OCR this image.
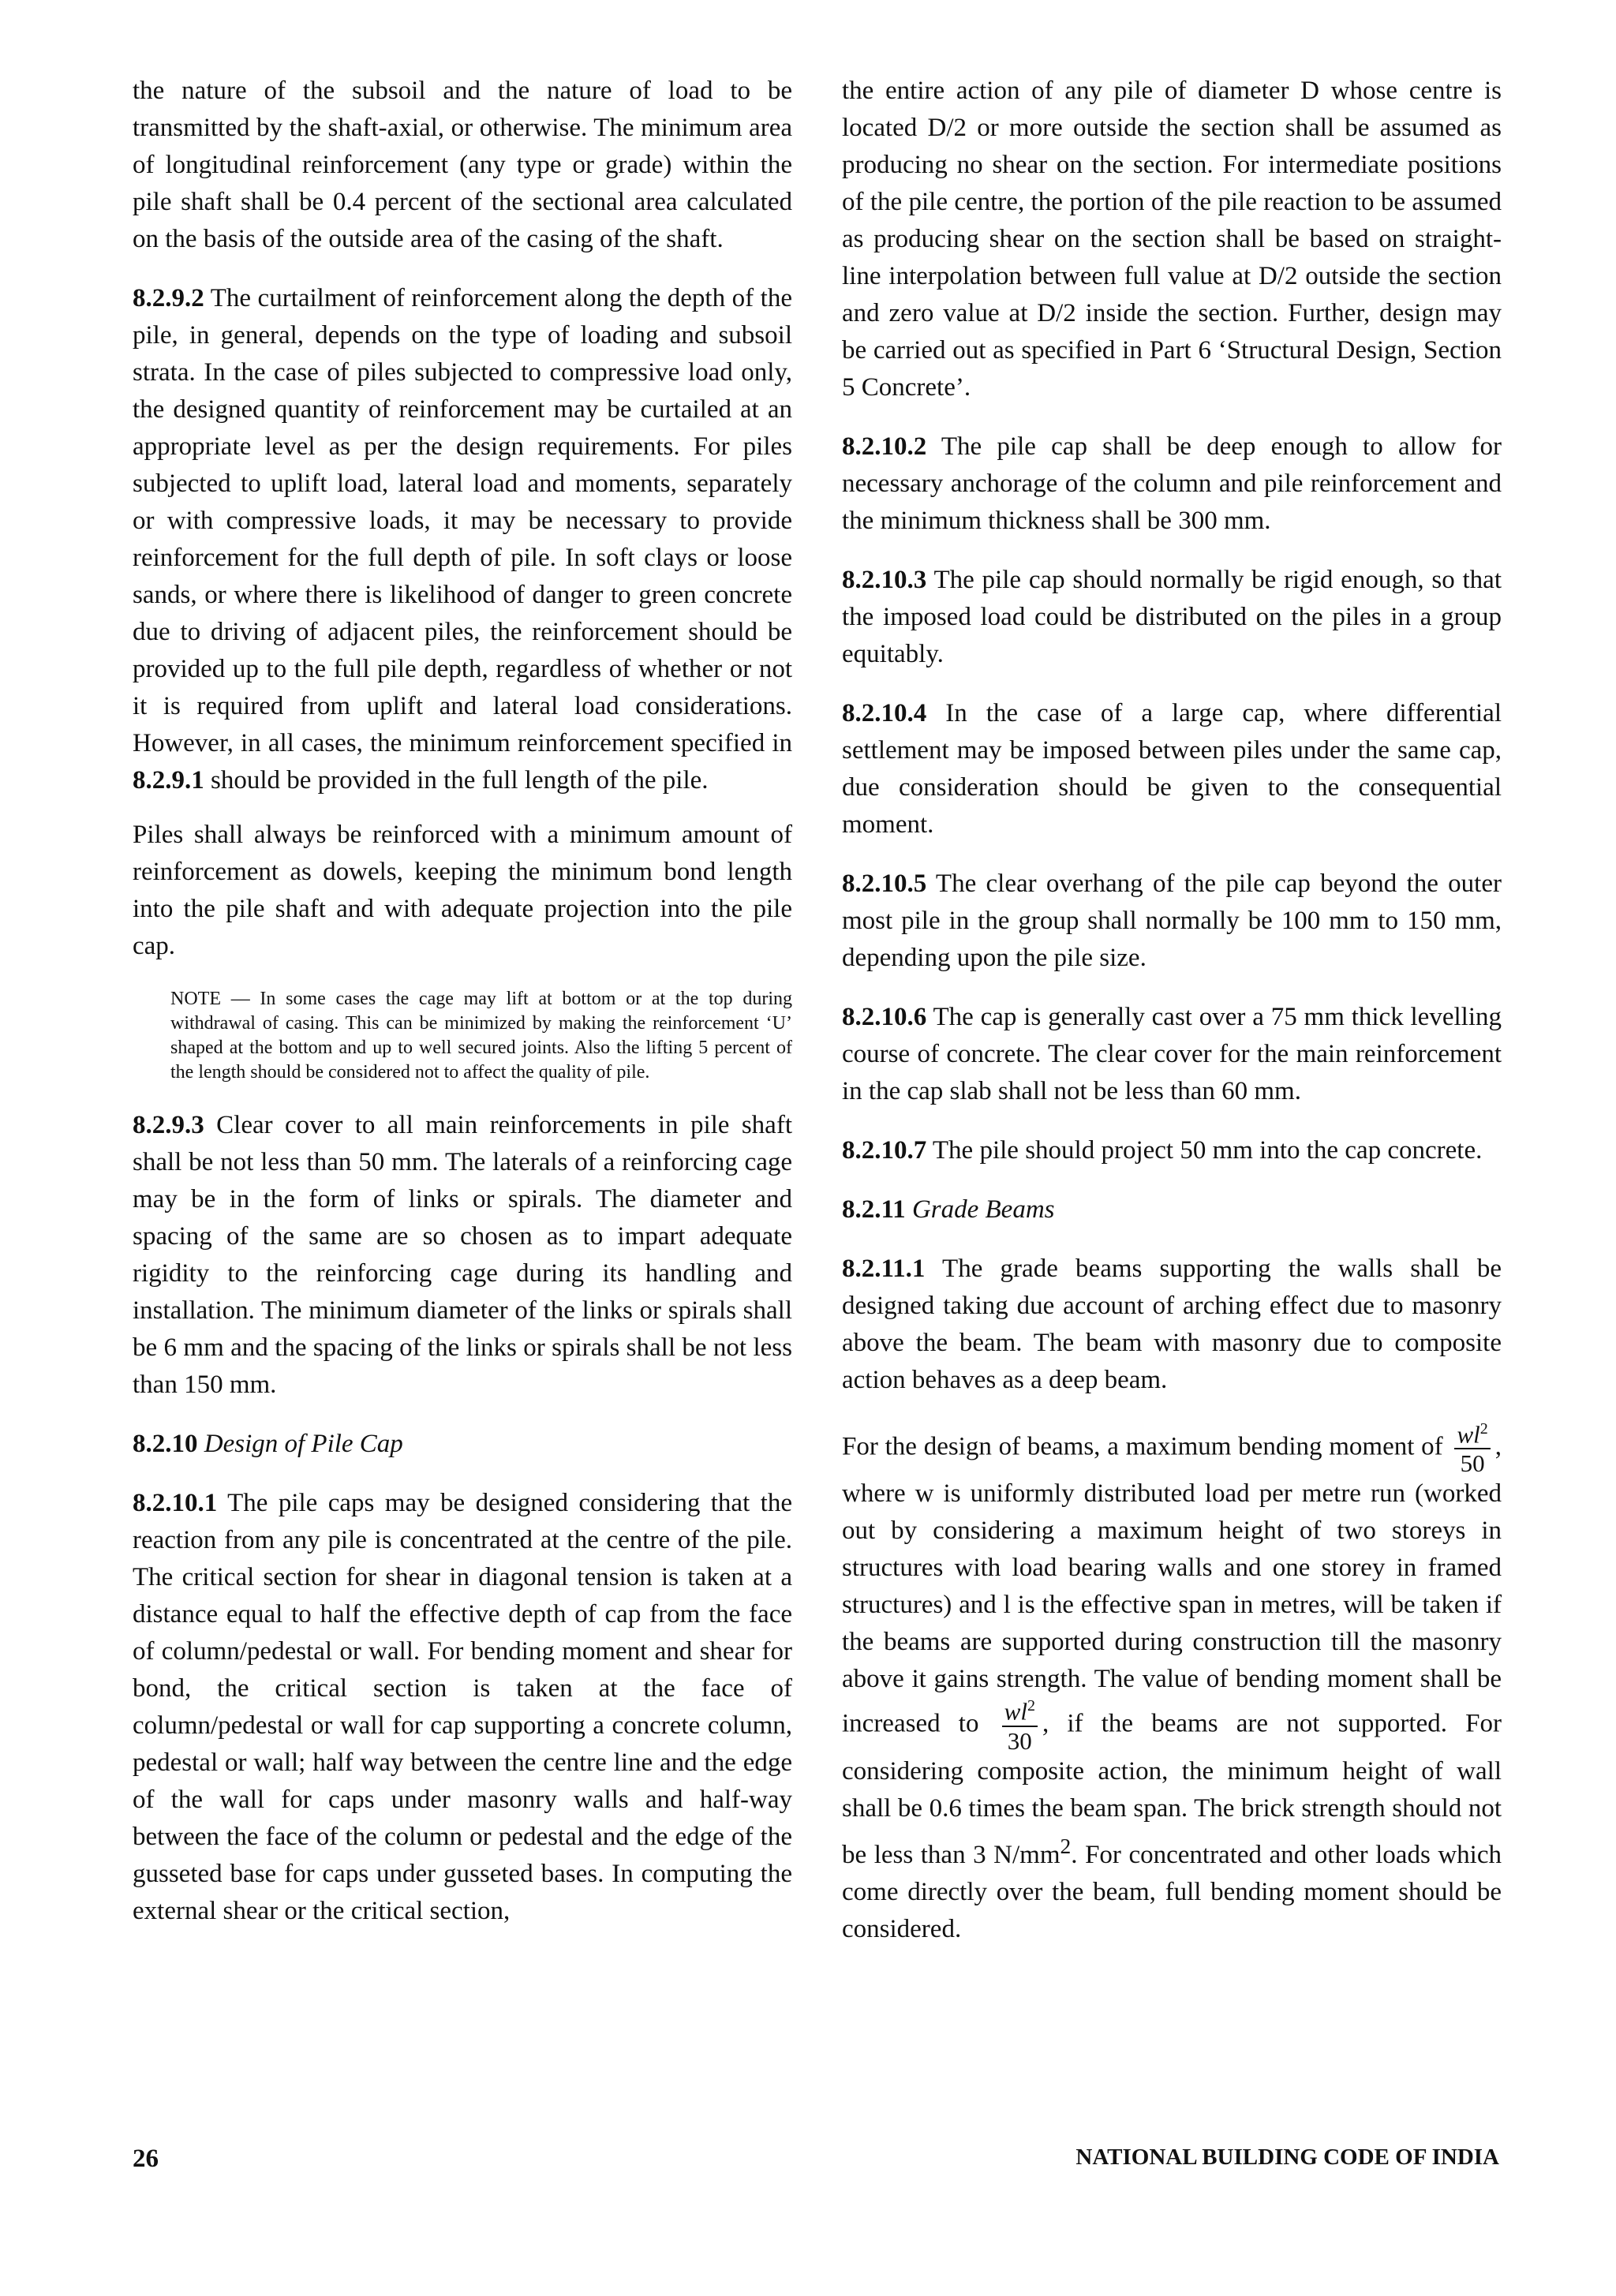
the nature of the subsoil and the nature of load to be transmitted by the shaft-axial, or otherwise. The minimum area of longitudinal reinforcement (any type or grade) within the pile shaft shall be 0.4 percent of the sectional area calculated on the basis of the outside area of the casing of the shaft.

8.2.9.2 The curtailment of reinforcement along the depth of the pile, in general, depends on the type of loading and subsoil strata. In the case of piles subjected to compressive load only, the designed quantity of reinforcement may be curtailed at an appropriate level as per the design requirements. For piles subjected to uplift load, lateral load and moments, separately or with compressive loads, it may be necessary to provide reinforcement for the full depth of pile. In soft clays or loose sands, or where there is likelihood of danger to green concrete due to driving of adjacent piles, the reinforcement should be provided up to the full pile depth, regardless of whether or not it is required from uplift and lateral load considerations. However, in all cases, the minimum reinforcement specified in 8.2.9.1 should be provided in the full length of the pile.

Piles shall always be reinforced with a minimum amount of reinforcement as dowels, keeping the minimum bond length into the pile shaft and with adequate projection into the pile cap.

NOTE — In some cases the cage may lift at bottom or at the top during withdrawal of casing. This can be minimized by making the reinforcement ‘U’ shaped at the bottom and up to well secured joints. Also the lifting 5 percent of the length should be considered not to affect the quality of pile.

8.2.9.3 Clear cover to all main reinforcements in pile shaft shall be not less than 50 mm. The laterals of a reinforcing cage may be in the form of links or spirals. The diameter and spacing of the same are so chosen as to impart adequate rigidity to the reinforcing cage during its handling and installation. The minimum diameter of the links or spirals shall be 6 mm and the spacing of the links or spirals shall be not less than 150 mm.

8.2.10 Design of Pile Cap

8.2.10.1 The pile caps may be designed considering that the reaction from any pile is concentrated at the centre of the pile. The critical section for shear in diagonal tension is taken at a distance equal to half the effective depth of cap from the face of column/pedestal or wall. For bending moment and shear for bond, the critical section is taken at the face of column/pedestal or wall for cap supporting a concrete column, pedestal or wall; half way between the centre line and the edge of the wall for caps under masonry walls and half-way between the face of the column or pedestal and the edge of the gusseted base for caps under gusseted bases. In computing the external shear or the critical section,

the entire action of any pile of diameter D whose centre is located D/2 or more outside the section shall be assumed as producing no shear on the section. For intermediate positions of the pile centre, the portion of the pile reaction to be assumed as producing shear on the section shall be based on straight-line interpolation between full value at D/2 outside the section and zero value at D/2 inside the section. Further, design may be carried out as specified in Part 6 ‘Structural Design, Section 5 Concrete’.

8.2.10.2 The pile cap shall be deep enough to allow for necessary anchorage of the column and pile reinforcement and the minimum thickness shall be 300 mm.

8.2.10.3 The pile cap should normally be rigid enough, so that the imposed load could be distributed on the piles in a group equitably.

8.2.10.4 In the case of a large cap, where differential settlement may be imposed between piles under the same cap, due consideration should be given to the consequential moment.

8.2.10.5 The clear overhang of the pile cap beyond the outer most pile in the group shall normally be 100 mm to 150 mm, depending upon the pile size.

8.2.10.6 The cap is generally cast over a 75 mm thick levelling course of concrete. The clear cover for the main reinforcement in the cap slab shall not be less than 60 mm.

8.2.10.7 The pile should project 50 mm into the cap concrete.

8.2.11 Grade Beams

8.2.11.1 The grade beams supporting the walls shall be designed taking due account of arching effect due to masonry above the beam. The beam with masonry due to composite action behaves as a deep beam.

For the design of beams, a maximum bending moment of $\frac{wl^2}{50}$ , where w is uniformly distributed load per metre run (worked out by considering a maximum height of two storeys in structures with load bearing walls and one storey in framed structures) and l is the effective span in metres, will be taken if the beams are supported during construction till the masonry above it gains strength. The value of bending moment shall be increased to $\frac{wl^2}{30}$ , if the beams are not supported. For considering composite action, the minimum height of wall shall be 0.6 times the beam span. The brick strength should not be less than 3 $N/mm^2$. For concentrated and other loads which come directly over the beam, full bending moment should be considered.

26	NATIONAL BUILDING CODE OF INDIA
